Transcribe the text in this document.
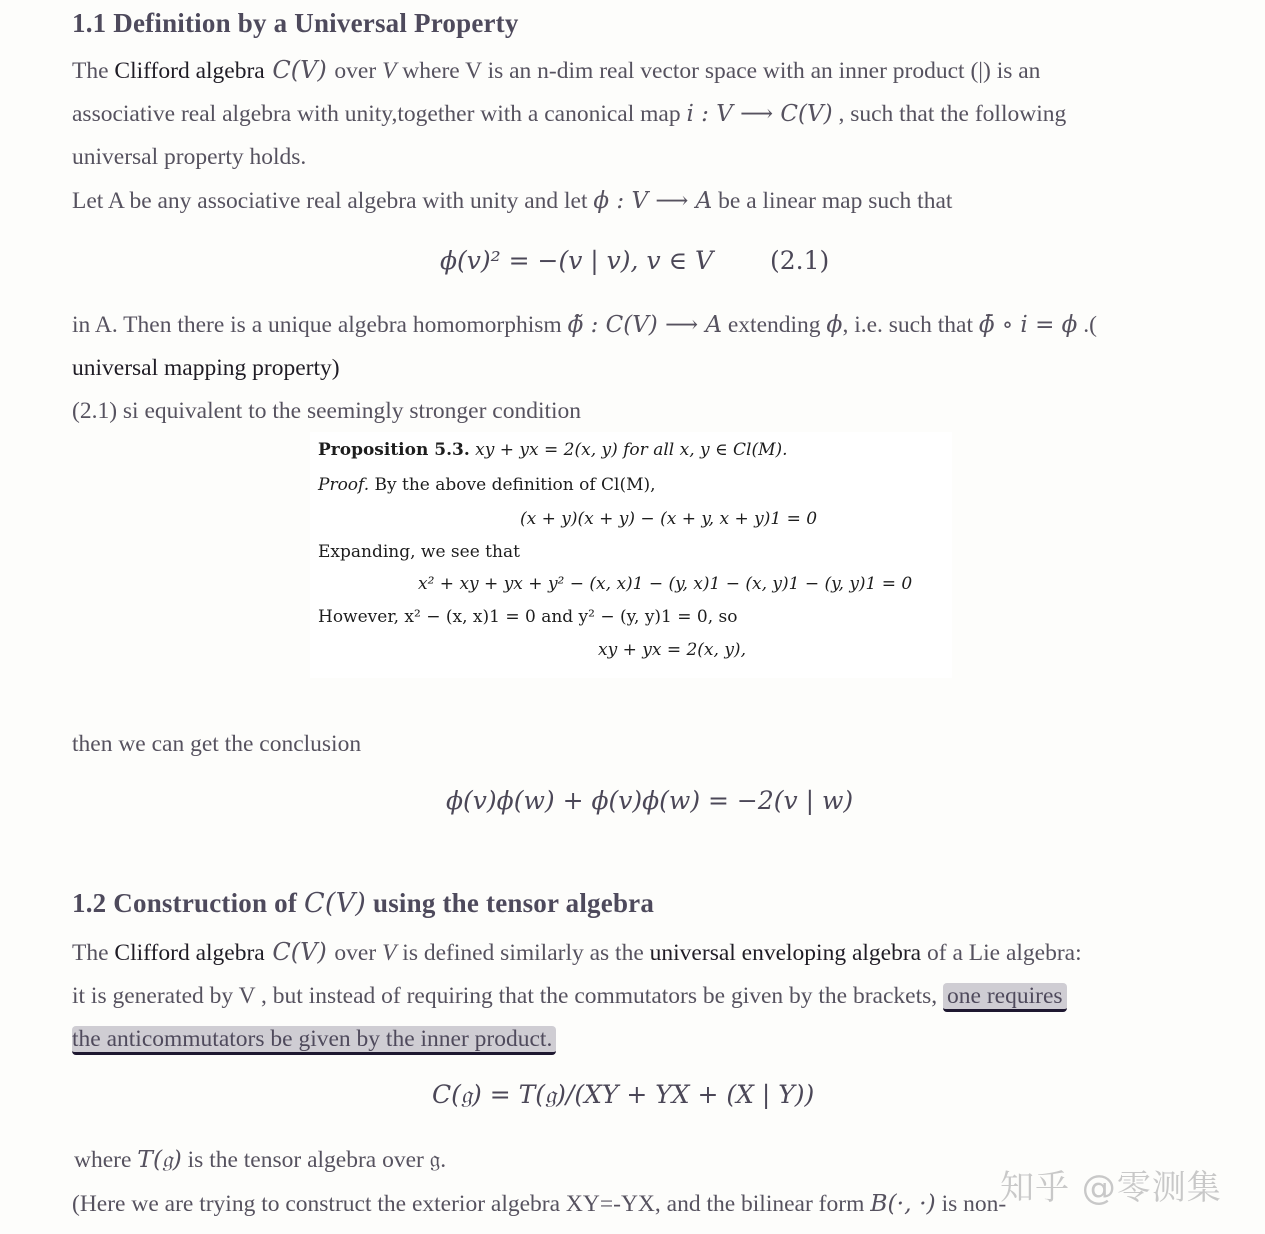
1.1 Definition by a Universal Property
The Clifford algebra C(V) over V where V is an n-dim real vector space with an inner product (|) is an
associative real algebra with unity,together with a canonical map i : V ⟶ C(V) , such that the following
universal property holds.
Let A be any associative real algebra with unity and let ϕ : V ⟶ A be a linear map such that
ϕ(v)² = −(v | v), v ∈ V (2.1)
in A. Then there is a unique algebra homomorphism ϕ̃ : C(V) ⟶ A extending ϕ, i.e. such that ϕ̄ ∘ i = ϕ .(
universal mapping property)
(2.1) si equivalent to the seemingly stronger condition
Proposition 5.3. xy + yx = 2(x, y) for all x, y ∈ Cl(M).
Proof. By the above definition of Cl(M),
(x + y)(x + y) − (x + y, x + y)1 = 0
Expanding, we see that
x² + xy + yx + y² − (x, x)1 − (y, x)1 − (x, y)1 − (y, y)1 = 0
However, x² − (x, x)1 = 0 and y² − (y, y)1 = 0, so
xy + yx = 2(x, y),
then we can get the conclusion
ϕ(v)ϕ(w) + ϕ(v)ϕ(w) = −2(v | w)
1.2 Construction of C(V) using the tensor algebra
The Clifford algebra C(V) over V is defined similarly as the universal enveloping algebra of a Lie algebra:
it is generated by V , but instead of requiring that the commutators be given by the brackets, one requires
the anticommutators be given by the inner product.
C(𝔤) = T(𝔤)/(XY + YX + (X | Y))
where T(𝔤) is the tensor algebra over 𝔤.
(Here we are trying to construct the exterior algebra XY=-YX, and the bilinear form B(·, ·) is non-
知乎 @零测集
